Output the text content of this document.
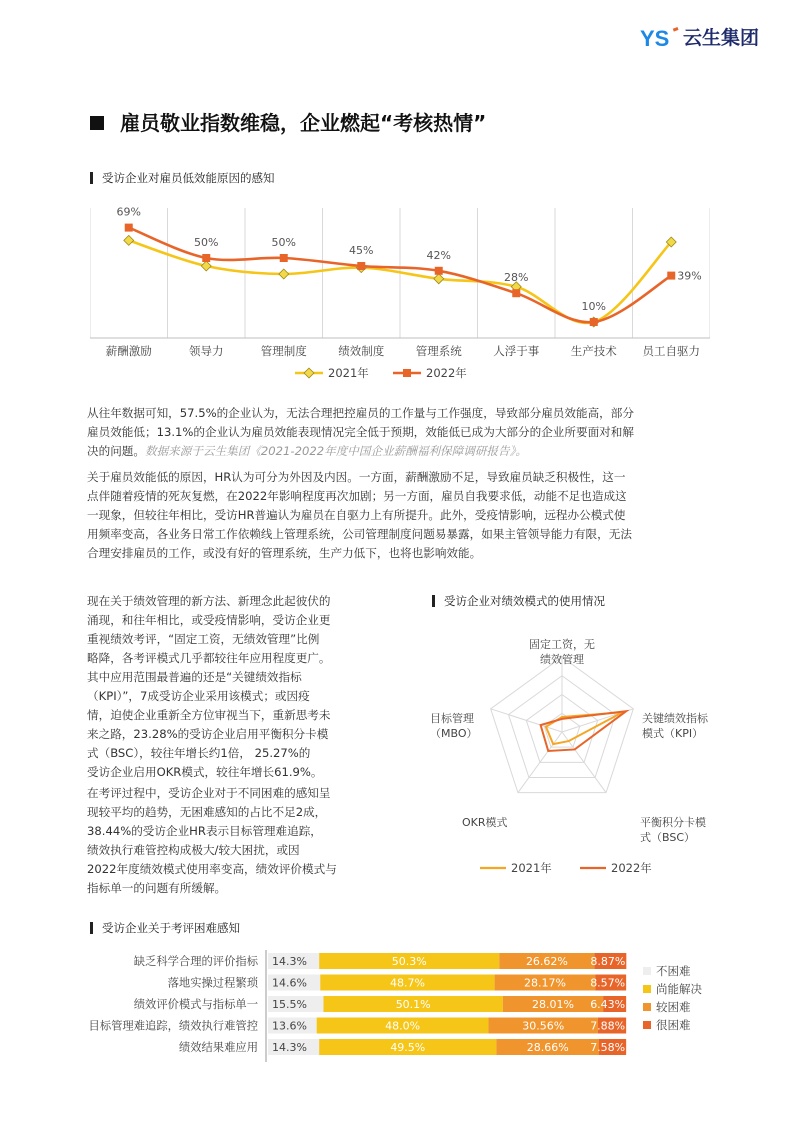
YS 云生集团
雇员敬业指数维稳，企业燃起“考核热情”
受访企业对雇员低效能原因的感知
69%
50%	50%
45%	42%
28%
10%
39%
薪酬激励	领导力	管理制度	绩效制度	管理系统	人浮于事	生产技术 员工自驱力
2021年	2022年
从往年数据可知，57.5%的企业认为，无法合理把控雇员的工作量与工作强度，导致部分雇员效能高，部分
雇员效能低；13.1%的企业认为雇员效能表现情况完全低于预期，效能低已成为大部分的企业所要面对和解
决的问题。数据来源于云生集团《2021-2022年度中国企业薪酬福利保障调研报告》。
关于雇员效能低的原因，HR认为可分为外因及内因。一方面，薪酬激励不足，导致雇员缺乏积极性，这一
点伴随着疫情的死灰复燃，在2022年影响程度再次加剧；另一方面，雇员自我要求低，动能不足也造成这
一现象，但较往年相比，受访HR普遍认为雇员在自驱力上有所提升。此外，受疫情影响，远程办公模式使
用频率变高，各业务日常工作依赖线上管理系统，公司管理制度问题易暴露，如果主管领导能力有限，无法
合理安排雇员的工作，或没有好的管理系统，生产力低下，也将也影响效能。
现在关于绩效管理的新方法、新理念此起彼伏的
涌现，和往年相比，或受疫情影响，受访企业更
重视绩效考评，“固定工资，无绩效管理”比例
略降，各考评模式几乎都较往年应用程度更广。
其中应用范围最普遍的还是“关键绩效指标
（KPI）”，7成受访企业采用该模式；或因疫
情，迫使企业重新全方位审视当下，重新思考未
来之路，23.28%的受访企业启用平衡积分卡模
式（BSC），较往年增长约1倍， 25.27%的
受访企业启用OKR模式，较往年增长61.9%。
在考评过程中，受访企业对于不同困难的感知呈
现较平均的趋势，无困难感知的占比不足2成，
38.44%的受访企业HR表示目标管理难追踪，
绩效执行难管控构成极大/较大困扰，或因
2022年度绩效模式使用率变高，绩效评价模式与
指标单一的问题有所缓解。
受访企业对绩效模式的使用情况
固定工资，无
绩效管理
关键绩效指标
模式（KPI）
平衡积分卡模
式（BSC）
OKR模式
目标管理
（MBO）
2021年	2022年
受访企业关于考评困难感知
缺乏科学合理的评价指标 14.3%	50.3%	26.62% 8.87%
落地实操过程繁琐 14.6%	48.7%	28.17% 8.57%
绩效评价模式与指标单一 15.5%	50.1%	28.01% 6.43%
目标管理难追踪，绩效执行难管控 13.6%	48.0%	30.56% 7.88%
绩效结果难应用 14.3%	49.5%	28.66% 7.58%
不困难
尚能解决
较困难
很困难
